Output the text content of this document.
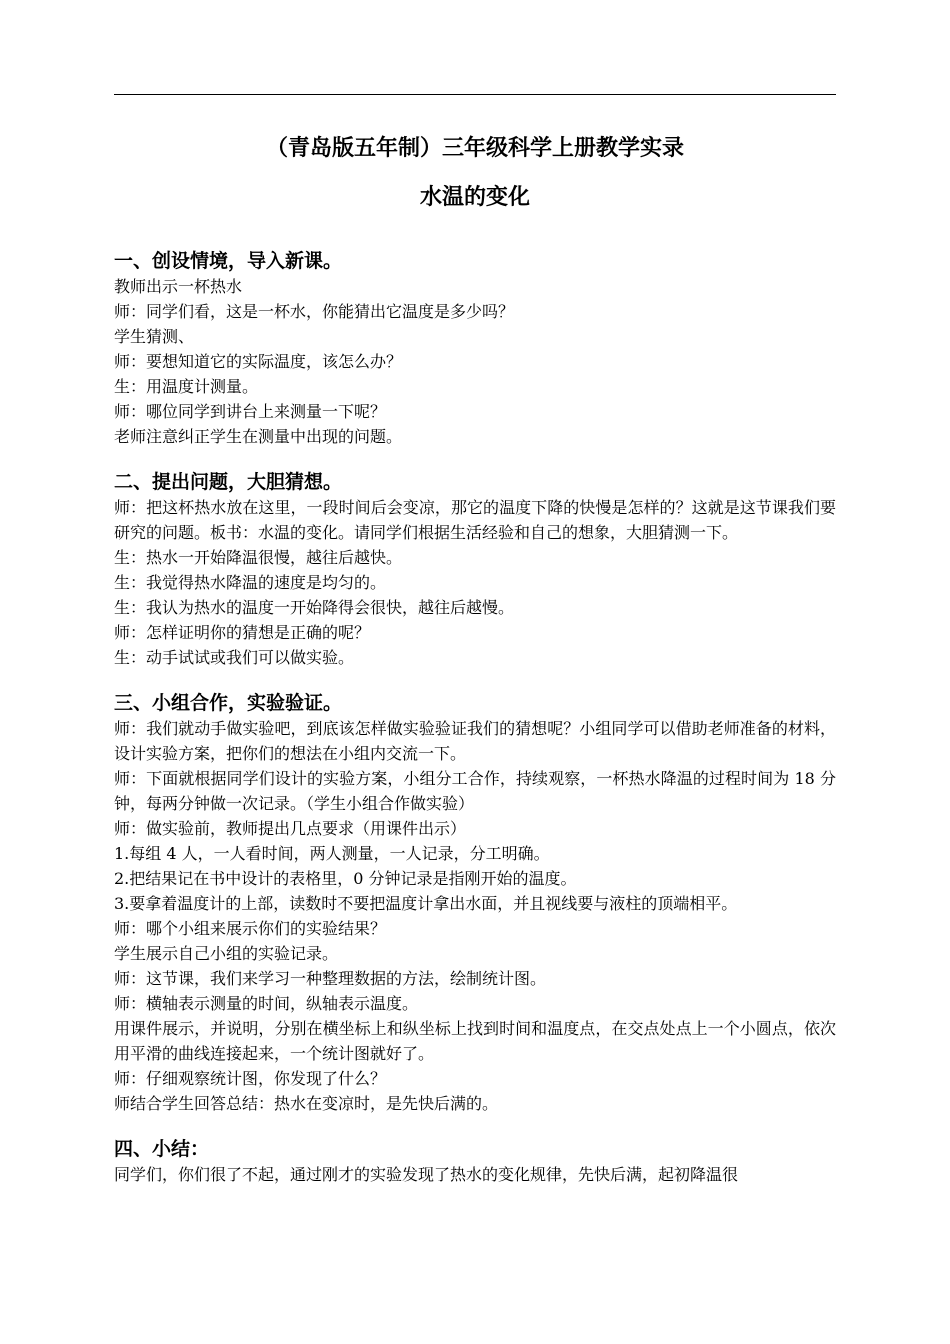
（青岛版五年制）三年级科学上册教学实录
水温的变化

一、创设情境，导入新课。

教师出示一杯热水

师：同学们看，这是一杯水，你能猜出它温度是多少吗？

学生猜测、

师：要想知道它的实际温度，该怎么办？

生：用温度计测量。

师：哪位同学到讲台上来测量一下呢？

老师注意纠正学生在测量中出现的问题。

二、提出问题，大胆猜想。

师：把这杯热水放在这里，一段时间后会变凉，那它的温度下降的快慢是怎样的？这就是这节课我们要研究的问题。板书：水温的变化。请同学们根据生活经验和自己的想象，大胆猜测一下。

生：热水一开始降温很慢，越往后越快。

生：我觉得热水降温的速度是均匀的。

生：我认为热水的温度一开始降得会很快，越往后越慢。

师：怎样证明你的猜想是正确的呢？

生：动手试试或我们可以做实验。

三、小组合作，实验验证。

师：我们就动手做实验吧，到底该怎样做实验验证我们的猜想呢？小组同学可以借助老师准备的材料，设计实验方案，把你们的想法在小组内交流一下。

师：下面就根据同学们设计的实验方案，小组分工合作，持续观察，一杯热水降温的过程时间为 18 分钟，每两分钟做一次记录。（学生小组合作做实验）

师：做实验前，教师提出几点要求（用课件出示）

1.每组 4 人，一人看时间，两人测量，一人记录，分工明确。

2.把结果记在书中设计的表格里，0 分钟记录是指刚开始的温度。

3.要拿着温度计的上部，读数时不要把温度计拿出水面，并且视线要与液柱的顶端相平。

师：哪个小组来展示你们的实验结果？

学生展示自己小组的实验记录。

师：这节课，我们来学习一种整理数据的方法，绘制统计图。

师：横轴表示测量的时间，纵轴表示温度。

用课件展示，并说明，分别在横坐标上和纵坐标上找到时间和温度点，在交点处点上一个小圆点，依次用平滑的曲线连接起来，一个统计图就好了。

师：仔细观察统计图，你发现了什么？

师结合学生回答总结：热水在变凉时，是先快后满的。

四、小结：

同学们，你们很了不起，通过刚才的实验发现了热水的变化规律，先快后满，起初降温很
